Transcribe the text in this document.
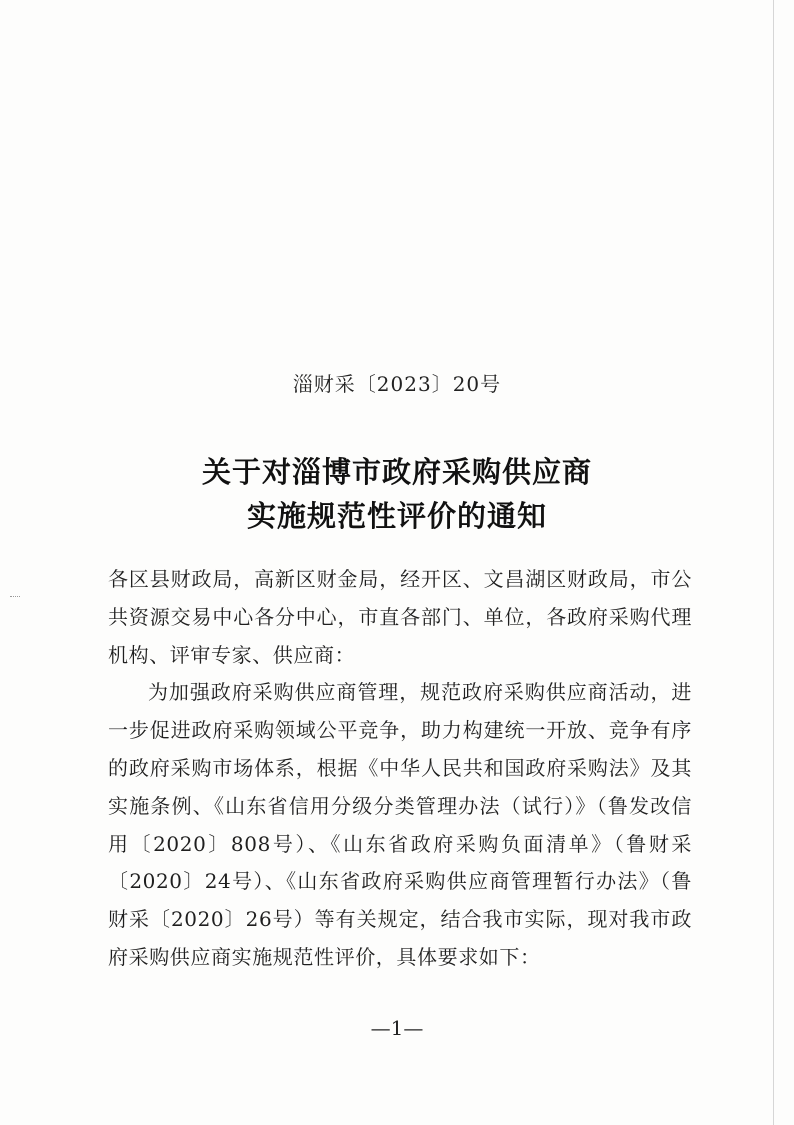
淄财采〔2023〕20号
关于对淄博市政府采购供应商
实施规范性评价的通知

各区县财政局，高新区财金局，经开区、文昌湖区财政局，市公共资源交易中心各分中心，市直各部门、单位，各政府采购代理机构、评审专家、供应商：

为加强政府采购供应商管理，规范政府采购供应商活动，进一步促进政府采购领域公平竞争，助力构建统一开放、竞争有序的政府采购市场体系，根据《中华人民共和国政府采购法》及其实施条例、《山东省信用分级分类管理办法（试行）》（鲁发改信用〔2020〕808号）、《山东省政府采购负面清单》（鲁财采〔2020〕24号）、《山东省政府采购供应商管理暂行办法》（鲁财采〔2020〕26号）等有关规定，结合我市实际，现对我市政府采购供应商实施规范性评价，具体要求如下：

—1—
